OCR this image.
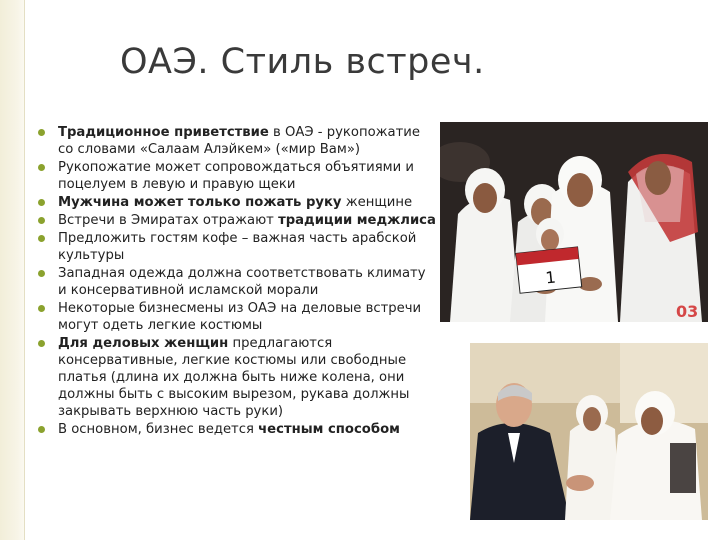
ОАЭ. Стиль встреч.
Традиционное приветствие в ОАЭ - рукопожатие со словами «Салаам Алэйкем» («мир Вам»)
Рукопожатие может сопровождаться объятиями и поцелуем в левую и правую щеки
Мужчина может только пожать руку женщине
Встречи в Эмиратах отражают традиции меджлиса
Предложить гостям кофе – важная часть арабской культуры
Западная одежда должна соответствовать климату и консервативной исламской морали
Некоторые бизнесмены из ОАЭ на деловые встречи могут одеть легкие костюмы
Для деловых женщин предлагаются консервативные, легкие костюмы или свободные платья (длина их должна быть ниже колена, они должны быть с высоким вырезом, рукава должны закрывать верхнюю часть руки)
В основном, бизнес ведется честным способом
1
03
